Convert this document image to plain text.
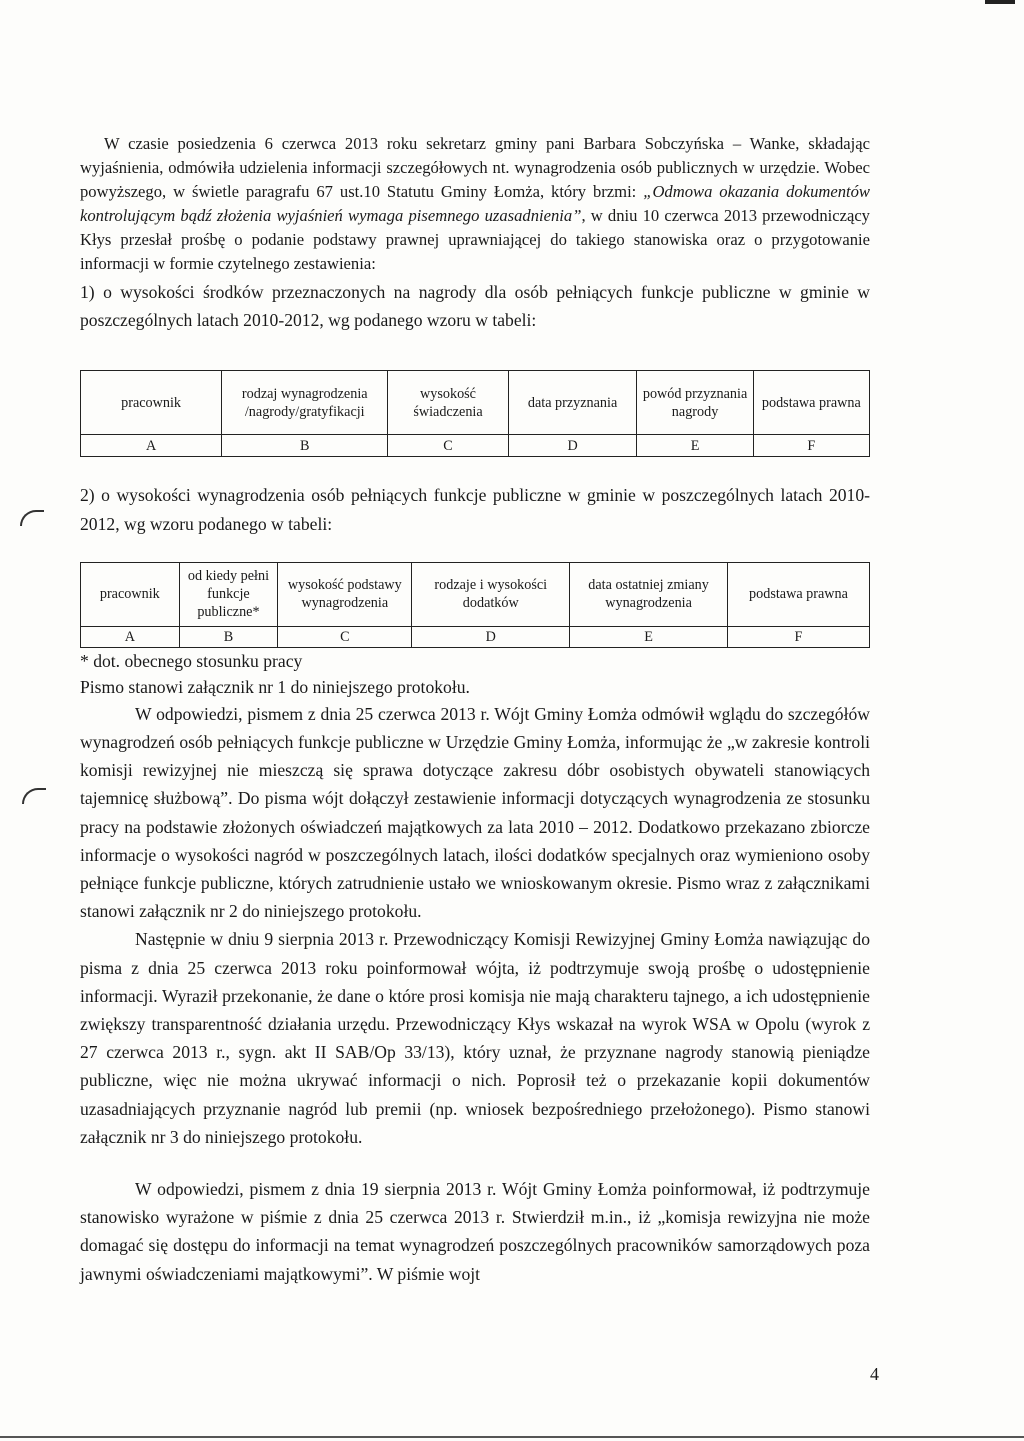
W czasie posiedzenia 6 czerwca 2013 roku sekretarz gminy pani Barbara Sobczyńska – Wanke, składając wyjaśnienia, odmówiła udzielenia informacji szczegółowych nt. wynagrodzenia osób publicznych w urzędzie. Wobec powyższego, w świetle paragrafu 67 ust.10 Statutu Gminy Łomża, który brzmi: „Odmowa okazania dokumentów kontrolującym bądź złożenia wyjaśnień wymaga pisemnego uzasadnienia”, w dniu 10 czerwca 2013 przewodniczący Kłys przesłał prośbę o podanie podstawy prawnej uprawniającej do takiego stanowiska oraz o przygotowanie informacji w formie czytelnego zestawienia:

1) o wysokości środków przeznaczonych na nagrody dla osób pełniących funkcje publiczne w gminie w poszczególnych latach 2010-2012, wg podanego wzoru w tabeli:

pracownik	rodzaj wynagrodzenia /nagrody/gratyfikacji	wysokość świadczenia	data przyznania	powód przyznania nagrody	podstawa prawna
A	B	C	D	E	F

2) o wysokości wynagrodzenia osób pełniących funkcje publiczne w gminie w poszczególnych latach 2010-2012, wg wzoru podanego w tabeli:

pracownik	od kiedy pełni funkcje publiczne*	wysokość podstawy wynagrodzenia	rodzaje i wysokości dodatków	data ostatniej zmiany wynagrodzenia	podstawa prawna
A	B	C	D	E	F

* dot. obecnego stosunku pracy

Pismo stanowi załącznik nr 1 do niniejszego protokołu.

W odpowiedzi, pismem z dnia 25 czerwca 2013 r. Wójt Gminy Łomża odmówił wglądu do szczegółów wynagrodzeń osób pełniących funkcje publiczne w Urzędzie Gminy Łomża, informując że „w zakresie kontroli komisji rewizyjnej nie mieszczą się sprawa dotyczące zakresu dóbr osobistych obywateli stanowiących tajemnicę służbową”. Do pisma wójt dołączył zestawienie informacji dotyczących wynagrodzenia ze stosunku pracy na podstawie złożonych oświadczeń majątkowych za lata 2010 – 2012. Dodatkowo przekazano zbiorcze informacje o wysokości nagród w poszczególnych latach, ilości dodatków specjalnych oraz wymieniono osoby pełniące funkcje publiczne, których zatrudnienie ustało we wnioskowanym okresie. Pismo wraz z załącznikami stanowi załącznik nr 2 do niniejszego protokołu.

Następnie w dniu 9 sierpnia 2013 r. Przewodniczący Komisji Rewizyjnej Gminy Łomża nawiązując do pisma z dnia 25 czerwca 2013 roku poinformował wójta, iż podtrzymuje swoją prośbę o udostępnienie informacji. Wyraził przekonanie, że dane o które prosi komisja nie mają charakteru tajnego, a ich udostępnienie zwiększy transparentność działania urzędu. Przewodniczący Kłys wskazał na wyrok WSA w Opolu (wyrok z 27 czerwca 2013 r., sygn. akt II SAB/Op 33/13), który uznał, że przyznane nagrody stanowią pieniądze publiczne, więc nie można ukrywać informacji o nich. Poprosił też o przekazanie kopii dokumentów uzasadniających przyznanie nagród lub premii (np. wniosek bezpośredniego przełożonego). Pismo stanowi załącznik nr 3 do niniejszego protokołu.

W odpowiedzi, pismem z dnia 19 sierpnia 2013 r. Wójt Gminy Łomża poinformował, iż podtrzymuje stanowisko wyrażone w piśmie z dnia 25 czerwca 2013 r. Stwierdził m.in., iż „komisja rewizyjna nie może domagać się dostępu do informacji na temat wynagrodzeń poszczególnych pracowników samorządowych poza jawnymi oświadczeniami majątkowymi”. W piśmie wojt

4
